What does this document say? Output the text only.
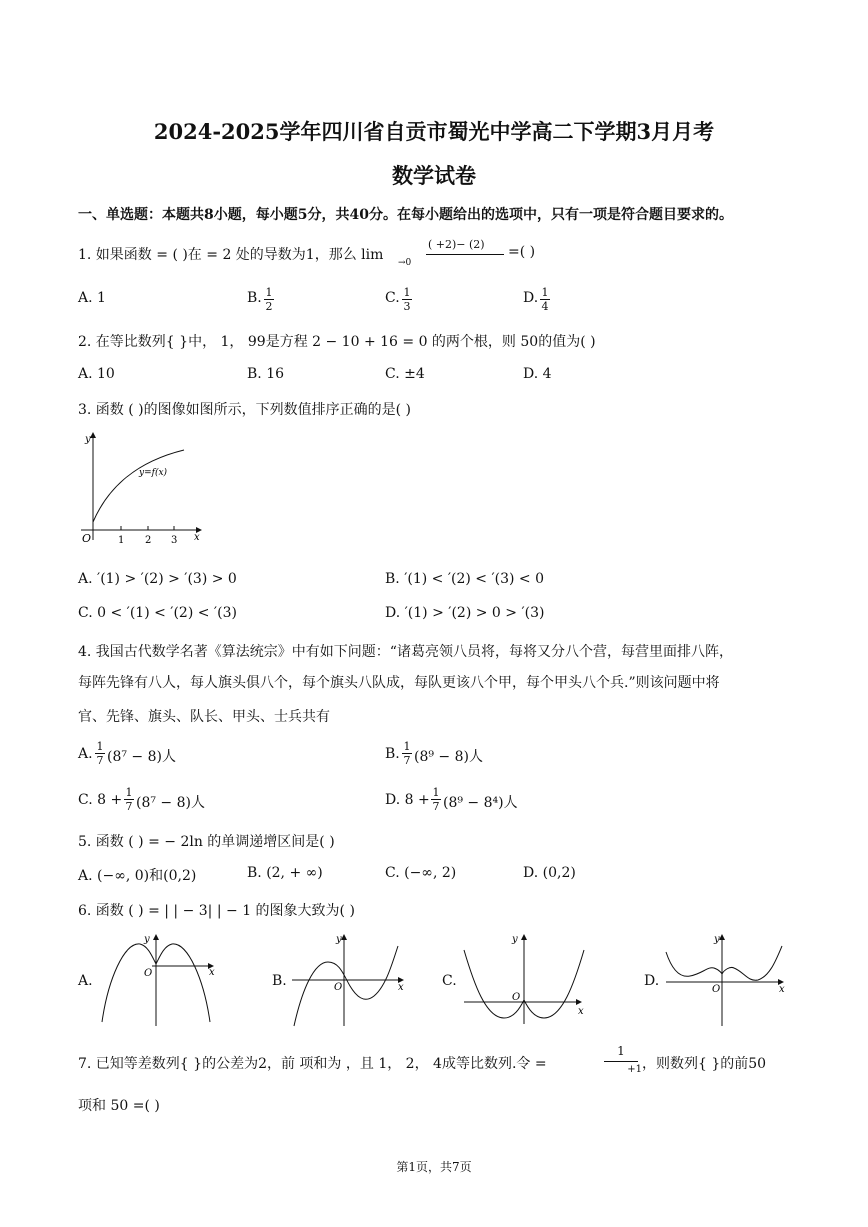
2024-2025学年四川省自贡市蜀光中学高二下学期3月月考
数学试卷
一、单选题：本题共8小题，每小题5分，共40分。在每小题给出的选项中，只有一项是符合题目要求的。
1. 如果函数 = ( )在 = 2 处的导数为1，那么 lim →0
( +2)− (2) =( )
A. 1	B. $\frac{1}{2}$	C. $\frac{1}{3}$	D. $\frac{1}{4}$
2. 在等比数列{ }中， 1， 99是方程 2 − 10 + 16 = 0 的两个根，则 50的值为( )
A. 10	B. 16	C. ±4	D. 4
3. 函数 ( )的图像如图所示，下列数值排序正确的是( )
y
x
O	1 2 3
y=f(x)
A. ′(1) > ′(2) > ′(3) > 0	B. ′(1) < ′(2) < ′(3) < 0
C. 0 < ′(1) < ′(2) < ′(3)	D. ′(1) > ′(2) > 0 > ′(3)
4. 我国古代数学名著《算法统宗》中有如下问题：“诸葛亮领八员将，每将又分八个营，每营里面排八阵，
每阵先锋有八人，每人旗头俱八个，每个旗头八队成，每队更该八个甲，每个甲头八个兵.”则该问题中将
官、先锋、旗头、队长、甲头、士兵共有
A. $\frac{1}{7} (8^7 - 8)$人	B. $\frac{1}{7} (8^9 - 8)$人
C. $8 + \frac{1}{7} (8^7 - 8)$人	D. $8 + \frac{1}{7} (8^9 - 8^4)$人
5. 函数 ( ) = − 2ln 的单调递增区间是( )
A. (−∞, 0)和(0,2)	B. (2, + ∞)	C. (−∞, 2)	D. (0,2)
6. 函数 ( ) = | | − 3| | − 1 的图象大致为( )
A.
y
x
O	B.
y
x
O	C.
y
x
O
D.
y
x
O
7. 已知等差数列{ }的公差为2，前 项和为 ，且 1， 2， 4成等比数列.令 =
1
+1 ，则数列{ }的前50
项和 50 =( )
第1页，共7页
